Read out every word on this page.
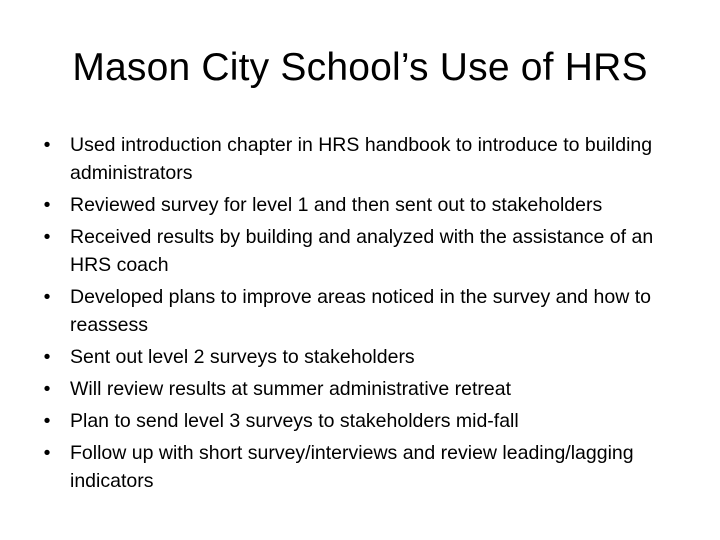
Mason City School’s Use of HRS
• Used introduction chapter in HRS handbook to introduce to building administrators
• Reviewed survey for level 1 and then sent out to stakeholders
• Received results by building and analyzed with the assistance of an HRS coach
• Developed plans to improve areas noticed in the survey and how to reassess
• Sent out level 2 surveys to stakeholders
• Will review results at summer administrative retreat
• Plan to send level 3 surveys to stakeholders mid-fall
• Follow up with short survey/interviews and review leading/lagging indicators
